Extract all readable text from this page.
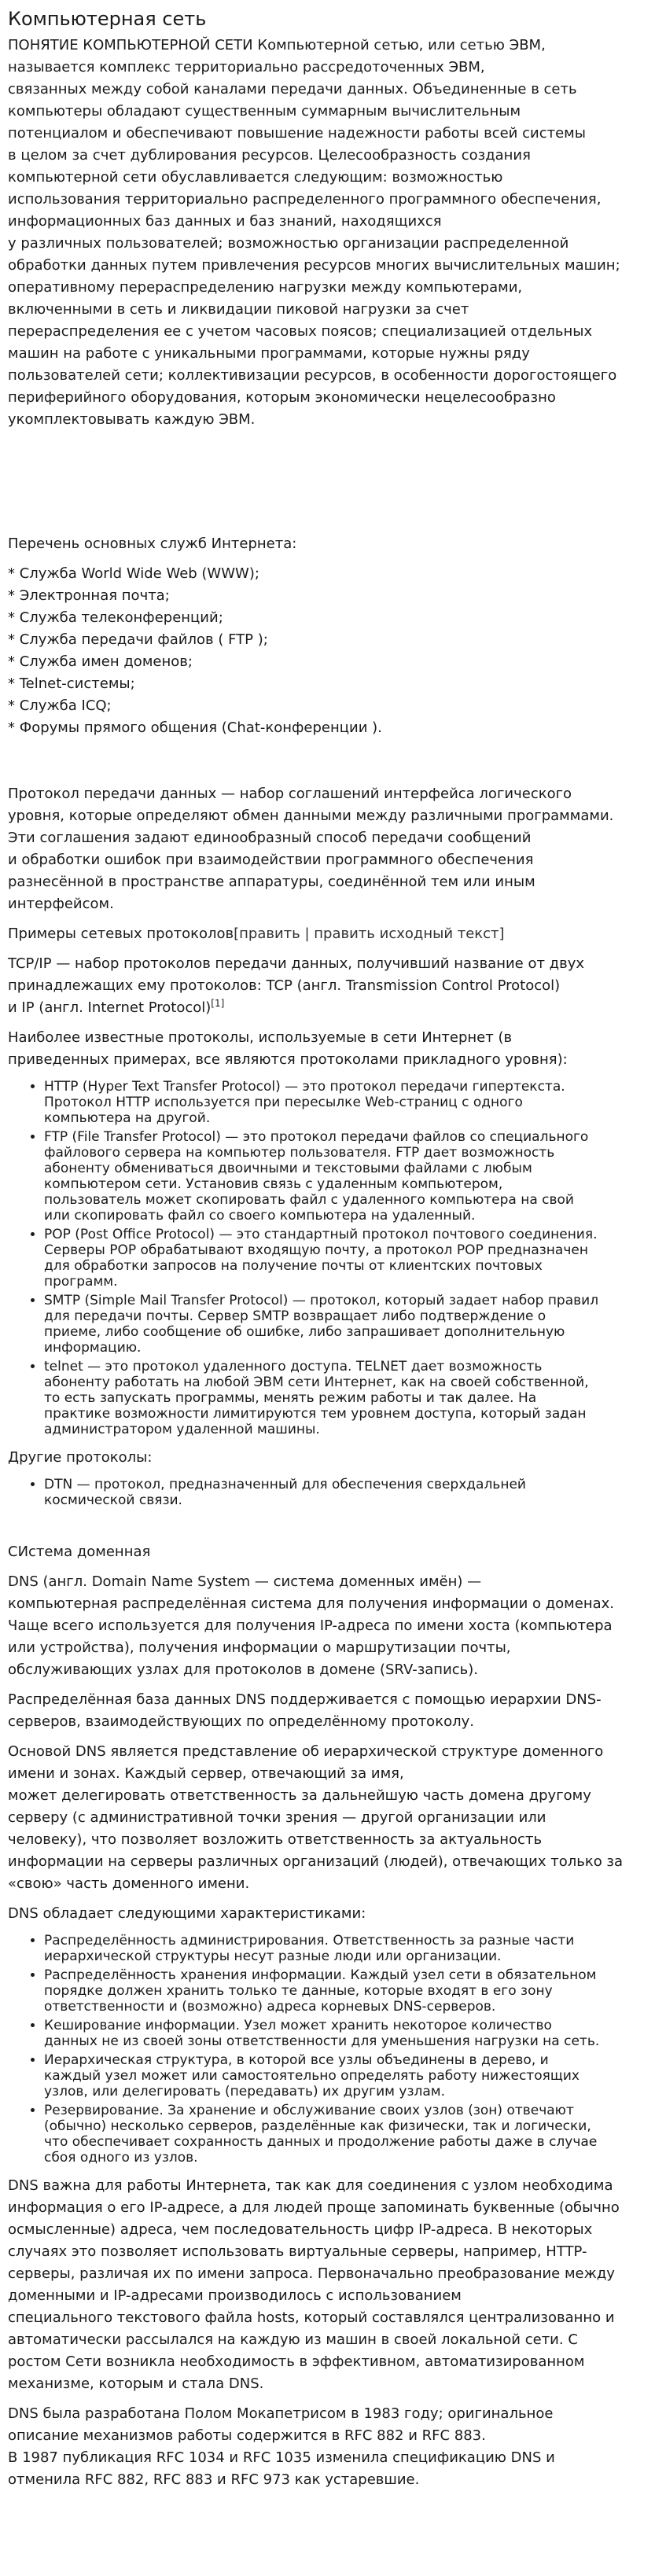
Компьютерная сеть

ПОНЯТИЕ КОМПЬЮТЕРНОЙ СЕТИ Компьютерной сетью, или сетью ЭВМ,
называется комплекс территориально рассредоточенных ЭВМ,
связанных между собой каналами передачи данных. Объединенные в сеть
компьютеры обладают существенным суммарным вычислительным
потенциалом и обеспечивают повышение надежности работы всей системы
в целом за счет дублирования ресурсов. Целесообразность создания
компьютерной сети обуславливается следующим: возможностью
использования территориально распределенного программного обеспечения,
информационных баз данных и баз знаний, находящихся
у различных пользователей; возможностью организации распределенной
обработки данных путем привлечения ресурсов многих вычислительных машин;
оперативному перераспределению нагрузки между компьютерами,
включенными в сеть и ликвидации пиковой нагрузки за счет
перераспределения ее с учетом часовых поясов; специализацией отдельных
машин на работе с уникальными программами, которые нужны ряду
пользователей сети; коллективизации ресурсов, в особенности дорогостоящего
периферийного оборудования, которым экономически нецелесообразно
укомплектовывать каждую ЭВМ.

Перечень основных служб Интернета:

* Служба World Wide Web (WWW);

* Электронная почта;

* Служба телеконференций;

* Служба передачи файлов ( FTP );

* Служба имен доменов;

* Telnet-системы;

* Служба ICQ;

* Форумы прямого общения (Chat-конференции ).

Протокол передачи данных — набор соглашений интерфейса логического
уровня, которые определяют обмен данными между различными программами.
Эти соглашения задают единообразный способ передачи сообщений
и обработки ошибок при взаимодействии программного обеспечения
разнесённой в пространстве аппаратуры, соединённой тем или иным
интерфейсом.

Примеры сетевых протоколов[править | править исходный текст]

TCP/IP — набор протоколов передачи данных, получивший название от двух
принадлежащих ему протоколов: TCP (англ. Transmission Control Protocol)
и IP (англ. Internet Protocol)[1]

Наиболее известные протоколы, используемые в сети Интернет (в
приведенных примерах, все являются протоколами прикладного уровня):

• HTTP (Hyper Text Transfer Protocol) — это протокол передачи гипертекста.
Протокол HTTP используется при пересылке Web-страниц с одного
компьютера на другой.
• FTP (File Transfer Protocol) — это протокол передачи файлов со специального
файлового сервера на компьютер пользователя. FTP дает возможность
абоненту обмениваться двоичными и текстовыми файлами с любым
компьютером сети. Установив связь с удаленным компьютером,
пользователь может скопировать файл с удаленного компьютера на свой
или скопировать файл со своего компьютера на удаленный.
• POP (Post Office Protocol) — это стандартный протокол почтового соединения.
Серверы POP обрабатывают входящую почту, а протокол POP предназначен
для обработки запросов на получение почты от клиентских почтовых
программ.
• SMTP (Simple Mail Transfer Protocol) — протокол, который задает набор правил
для передачи почты. Сервер SMTP возвращает либо подтверждение о
приеме, либо сообщение об ошибке, либо запрашивает дополнительную
информацию.
• telnet — это протокол удаленного доступа. TELNET дает возможность
абоненту работать на любой ЭВМ сети Интернет, как на своей собственной,
то есть запускать программы, менять режим работы и так далее. На
практике возможности лимитируются тем уровнем доступа, который задан
администратором удаленной машины.

Другие протоколы:

• DTN — протокол, предназначенный для обеспечения сверхдальней
космической связи.

СИстема доменная

DNS (англ. Domain Name System — система доменных имён) —
компьютерная распределённая система для получения информации о доменах.
Чаще всего используется для получения IP-адреса по имени хоста (компьютера
или устройства), получения информации о маршрутизации почты,
обслуживающих узлах для протоколов в домене (SRV-запись).

Распределённая база данных DNS поддерживается с помощью иерархии DNS-
серверов, взаимодействующих по определённому протоколу.

Основой DNS является представление об иерархической структуре доменного
имени и зонах. Каждый сервер, отвечающий за имя,
может делегировать ответственность за дальнейшую часть домена другому
серверу (с административной точки зрения — другой организации или
человеку), что позволяет возложить ответственность за актуальность
информации на серверы различных организаций (людей), отвечающих только за
«свою» часть доменного имени.

DNS обладает следующими характеристиками:

• Распределённость администрирования. Ответственность за разные части
иерархической структуры несут разные люди или организации.
• Распределённость хранения информации. Каждый узел сети в обязательном
порядке должен хранить только те данные, которые входят в его зону
ответственности и (возможно) адреса корневых DNS-серверов.
• Кеширование информации. Узел может хранить некоторое количество
данных не из своей зоны ответственности для уменьшения нагрузки на сеть.
• Иерархическая структура, в которой все узлы объединены в дерево, и
каждый узел может или самостоятельно определять работу нижестоящих
узлов, или делегировать (передавать) их другим узлам.
• Резервирование. За хранение и обслуживание своих узлов (зон) отвечают
(обычно) несколько серверов, разделённые как физически, так и логически,
что обеспечивает сохранность данных и продолжение работы даже в случае
сбоя одного из узлов.

DNS важна для работы Интернета, так как для соединения с узлом необходима
информация о его IP-адресе, а для людей проще запоминать буквенные (обычно
осмысленные) адреса, чем последовательность цифр IP-адреса. В некоторых
случаях это позволяет использовать виртуальные серверы, например, HTTP-
серверы, различая их по имени запроса. Первоначально преобразование между
доменными и IP-адресами производилось с использованием
специального текстового файла hosts, который составлялся централизованно и
автоматически рассылался на каждую из машин в своей локальной сети. С
ростом Сети возникла необходимость в эффективном, автоматизированном
механизме, которым и стала DNS.

DNS была разработана Полом Мокапетрисом в 1983 году; оригинальное
описание механизмов работы содержится в RFC 882 и RFC 883.
В 1987 публикация RFC 1034 и RFC 1035 изменила спецификацию DNS и
отменила RFC 882, RFC 883 и RFC 973 как устаревшие.
